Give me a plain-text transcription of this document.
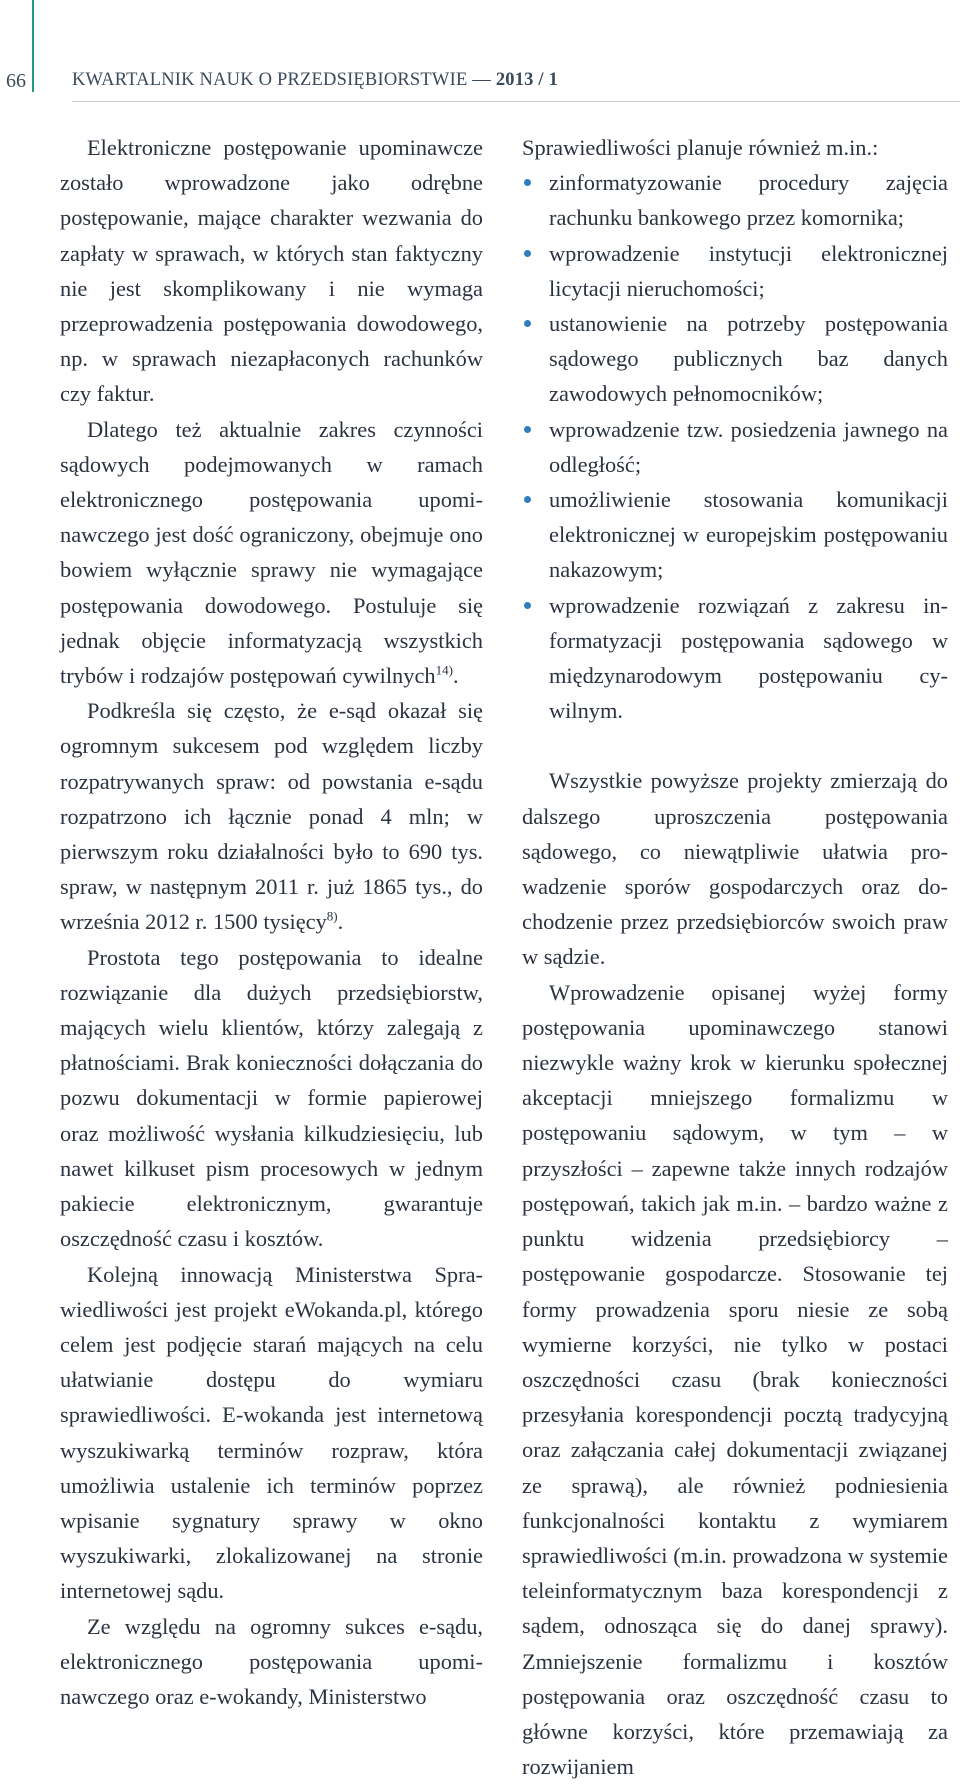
66 KWARTALNIK NAUK O PRZEDSIĘBIORSTWIE — 2013 / 1

Elektroniczne postępowanie upominawcze zostało wprowadzone jako odrębne postępowanie, mające charakter wezwania do zapłaty w sprawach, w których stan faktyczny nie jest skomplikowany i nie wymaga przeprowadzenia postępowania dowodowego, np. w sprawach niezapłaconych rachunków czy faktur.

Dlatego też aktualnie zakres czynności sądowych podejmowanych w ramach elektronicznego postępowania upominawczego jest dość ograniczony, obejmuje ono bowiem wyłącznie sprawy nie wymagające postępowania dowodowego. Postuluje się jednak objęcie informatyzacją wszystkich trybów i rodzajów postępowań cywilnych$^{14)}$.

Podkreśla się często, że e-sąd okazał się ogromnym sukcesem pod względem liczby rozpatrywanych spraw: od powstania e-sądu rozpatrzono ich łącznie ponad 4 mln; w pierwszym roku działalności było to 690 tys. spraw, w następnym 2011 r. już 1865 tys., do września 2012 r. 1500 tysięcy$^{8)}$.

Prostota tego postępowania to idealne rozwiązanie dla dużych przedsiębiorstw, mających wielu klientów, którzy zalegają z płatnościami. Brak konieczności dołączania do pozwu dokumentacji w formie papierowej oraz możliwość wysłania kilkudziesięciu, lub nawet kilkuset pism procesowych w jednym pakiecie elektronicznym, gwarantuje oszczędność czasu i kosztów.

Kolejną innowacją Ministerstwa Sprawiedliwości jest projekt eWokanda.pl, którego celem jest podjęcie starań mających na celu ułatwianie dostępu do wymiaru sprawiedliwości. E-wokanda jest internetową wyszukiwarką terminów rozpraw, która umożliwia ustalenie ich terminów poprzez wpisanie sygnatury sprawy w okno wyszukiwarki, zlokalizowanej na stronie internetowej sądu.

Ze względu na ogromny sukces e-sądu, elektronicznego postępowania upominawczego oraz e-wokandy, Ministerstwo

Sprawiedliwości planuje również m.in.:

zinformatyzowanie procedury zajęcia rachunku bankowego przez komornika;
wprowadzenie instytucji elektronicznej licytacji nieruchomości;
ustanowienie na potrzeby postępowania sądowego publicznych baz danych zawodowych pełnomocników;
wprowadzenie tzw. posiedzenia jawnego na odległość;
umożliwienie stosowania komunikacji elektronicznej w europejskim postępowaniu nakazowym;
wprowadzenie rozwiązań z zakresu informatyzacji postępowania sądowego w międzynarodowym postępowaniu cywilnym.

Wszystkie powyższe projekty zmierzają do dalszego uproszczenia postępowania sądowego, co niewątpliwie ułatwia prowadzenie sporów gospodarczych oraz dochodzenie przez przedsiębiorców swoich praw w sądzie.

Wprowadzenie opisanej wyżej formy postępowania upominawczego stanowi niezwykle ważny krok w kierunku społecznej akceptacji mniejszego formalizmu w postępowaniu sądowym, w tym – w przyszłości – zapewne także innych rodzajów postępowań, takich jak m.in. – bardzo ważne z punktu widzenia przedsiębiorcy – postępowanie gospodarcze. Stosowanie tej formy prowadzenia sporu niesie ze sobą wymierne korzyści, nie tylko w postaci oszczędności czasu (brak konieczności przesyłania korespondencji pocztą tradycyjną oraz załączania całej dokumentacji związanej ze sprawą), ale również podniesienia funkcjonalności kontaktu z wymiarem sprawiedliwości (m.in. prowadzona w systemie teleinformatycznym baza korespondencji z sądem, odnosząca się do danej sprawy). Zmniejszenie formalizmu i kosztów postępowania oraz oszczędność czasu to główne korzyści, które przemawiają za rozwijaniem
